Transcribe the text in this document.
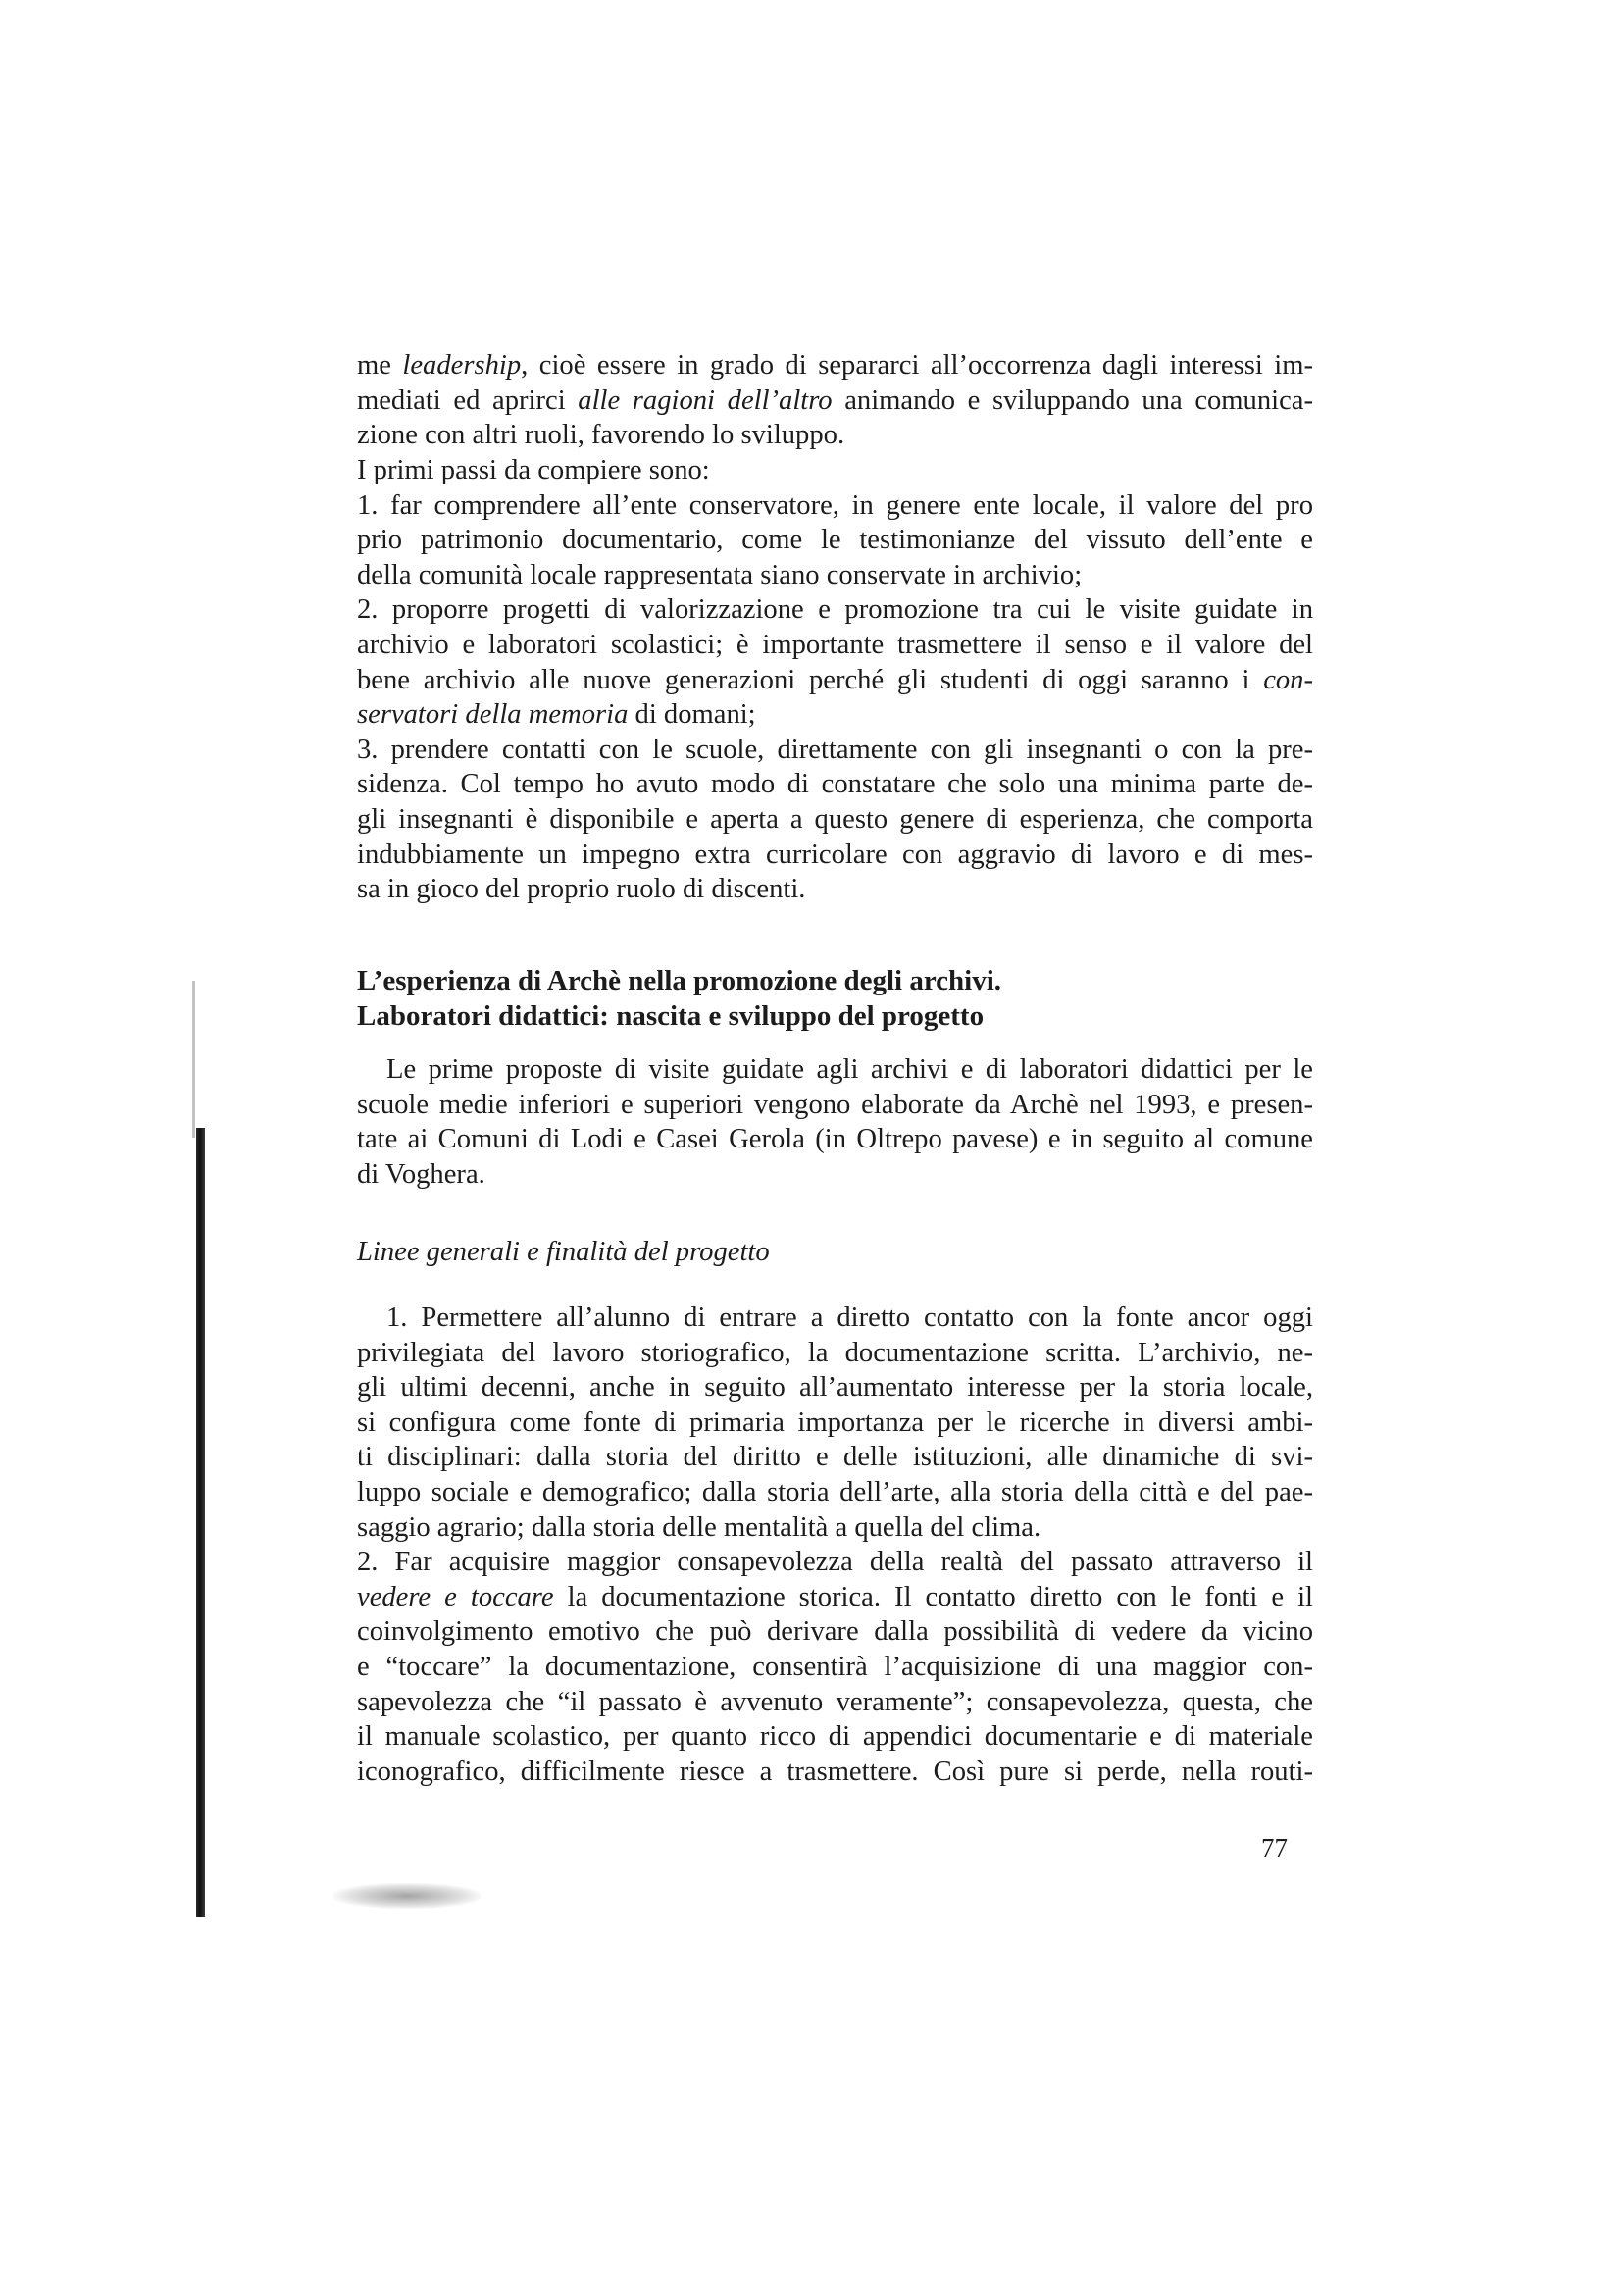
me leadership, cioè essere in grado di separarci all’occorrenza dagli interessi im-
mediati ed aprirci alle ragioni dell’altro animando e sviluppando una comunica-
zione con altri ruoli, favorendo lo sviluppo.
I primi passi da compiere sono:
1. far comprendere all’ente conservatore, in genere ente locale, il valore del pro
prio patrimonio documentario, come le testimonianze del vissuto dell’ente e
della comunità locale rappresentata siano conservate in archivio;
2. proporre progetti di valorizzazione e promozione tra cui le visite guidate in
archivio e laboratori scolastici; è importante trasmettere il senso e il valore del
bene archivio alle nuove generazioni perché gli studenti di oggi saranno i con-
servatori della memoria di domani;
3. prendere contatti con le scuole, direttamente con gli insegnanti o con la pre-
sidenza. Col tempo ho avuto modo di constatare che solo una minima parte de-
gli insegnanti è disponibile e aperta a questo genere di esperienza, che comporta
indubbiamente un impegno extra curricolare con aggravio di lavoro e di mes-
sa in gioco del proprio ruolo di discenti.
L’esperienza di Archè nella promozione degli archivi.
Laboratori didattici: nascita e sviluppo del progetto
Le prime proposte di visite guidate agli archivi e di laboratori didattici per le
scuole medie inferiori e superiori vengono elaborate da Archè nel 1993, e presen-
tate ai Comuni di Lodi e Casei Gerola (in Oltrepo pavese) e in seguito al comune
di Voghera.
Linee generali e finalità del progetto
1. Permettere all’alunno di entrare a diretto contatto con la fonte ancor oggi
privilegiata del lavoro storiografico, la documentazione scritta. L’archivio, ne-
gli ultimi decenni, anche in seguito all’aumentato interesse per la storia locale,
si configura come fonte di primaria importanza per le ricerche in diversi ambi-
ti disciplinari: dalla storia del diritto e delle istituzioni, alle dinamiche di svi-
luppo sociale e demografico; dalla storia dell’arte, alla storia della città e del pae-
saggio agrario; dalla storia delle mentalità a quella del clima.
2. Far acquisire maggior consapevolezza della realtà del passato attraverso il
vedere e toccare la documentazione storica. Il contatto diretto con le fonti e il
coinvolgimento emotivo che può derivare dalla possibilità di vedere da vicino
e “toccare” la documentazione, consentirà l’acquisizione di una maggior con-
sapevolezza che “il passato è avvenuto veramente”; consapevolezza, questa, che
il manuale scolastico, per quanto ricco di appendici documentarie e di materiale
iconografico, difficilmente riesce a trasmettere. Così pure si perde, nella routi-
77
